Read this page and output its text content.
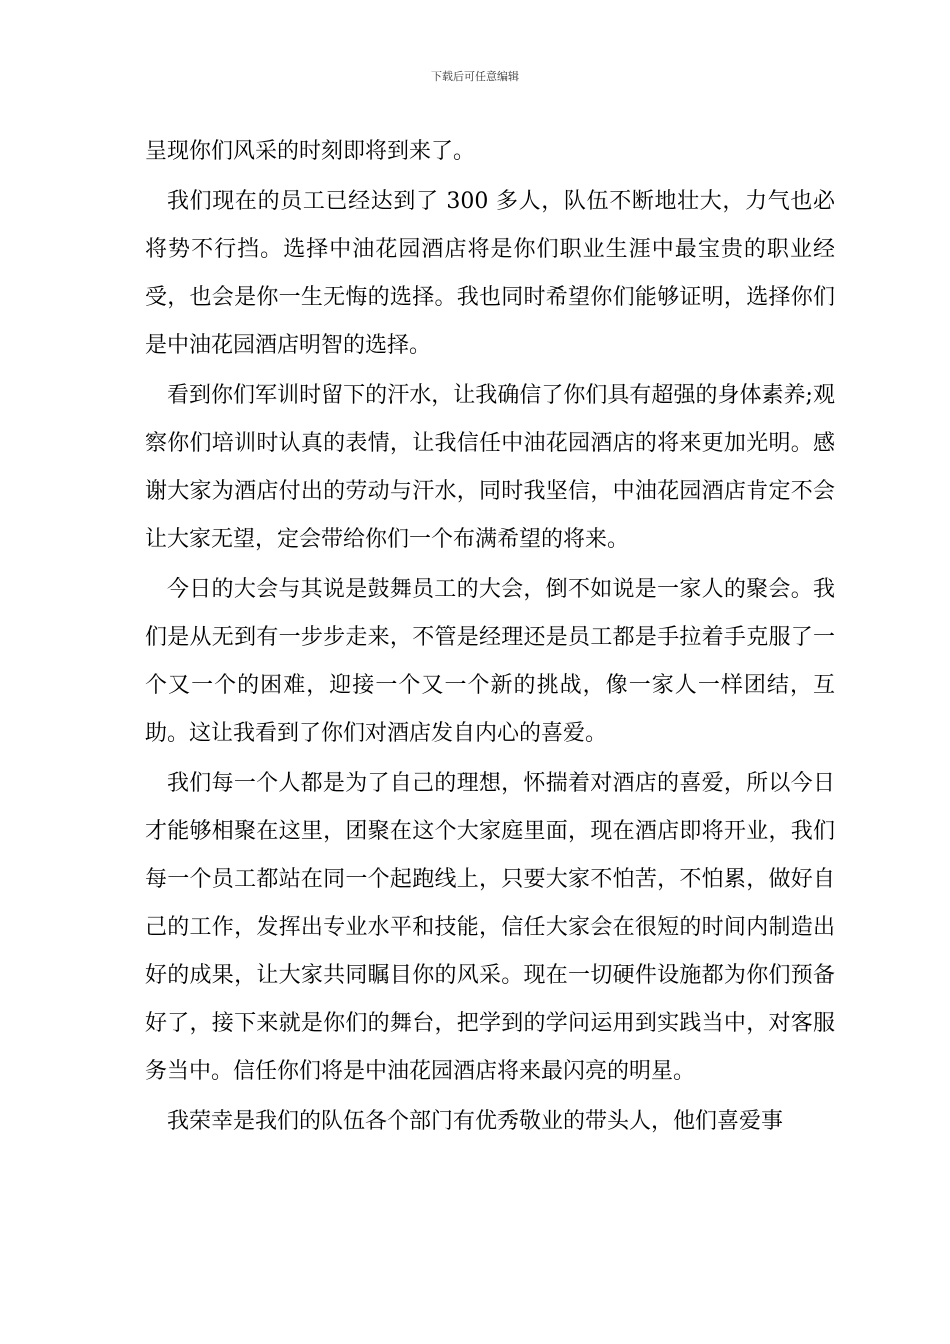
下载后可任意编辑

呈现你们风采的时刻即将到来了。

我们现在的员工已经达到了 300 多人，队伍不断地壮大，力气也必将势不行挡。选择中油花园酒店将是你们职业生涯中最宝贵的职业经受，也会是你一生无悔的选择。我也同时希望你们能够证明，选择你们是中油花园酒店明智的选择。

看到你们军训时留下的汗水，让我确信了你们具有超强的身体素养;观察你们培训时认真的表情，让我信任中油花园酒店的将来更加光明。感谢大家为酒店付出的劳动与汗水，同时我坚信，中油花园酒店肯定不会让大家无望，定会带给你们一个布满希望的将来。

今日的大会与其说是鼓舞员工的大会，倒不如说是一家人的聚会。我们是从无到有一步步走来，不管是经理还是员工都是手拉着手克服了一个又一个的困难，迎接一个又一个新的挑战，像一家人一样团结，互助。这让我看到了你们对酒店发自内心的喜爱。

我们每一个人都是为了自己的理想，怀揣着对酒店的喜爱，所以今日才能够相聚在这里，团聚在这个大家庭里面，现在酒店即将开业，我们每一个员工都站在同一个起跑线上，只要大家不怕苦，不怕累，做好自己的工作，发挥出专业水平和技能，信任大家会在很短的时间内制造出好的成果，让大家共同瞩目你的风采。现在一切硬件设施都为你们预备好了，接下来就是你们的舞台，把学到的学问运用到实践当中，对客服务当中。信任你们将是中油花园酒店将来最闪亮的明星。

我荣幸是我们的队伍各个部门有优秀敬业的带头人，他们喜爱事
